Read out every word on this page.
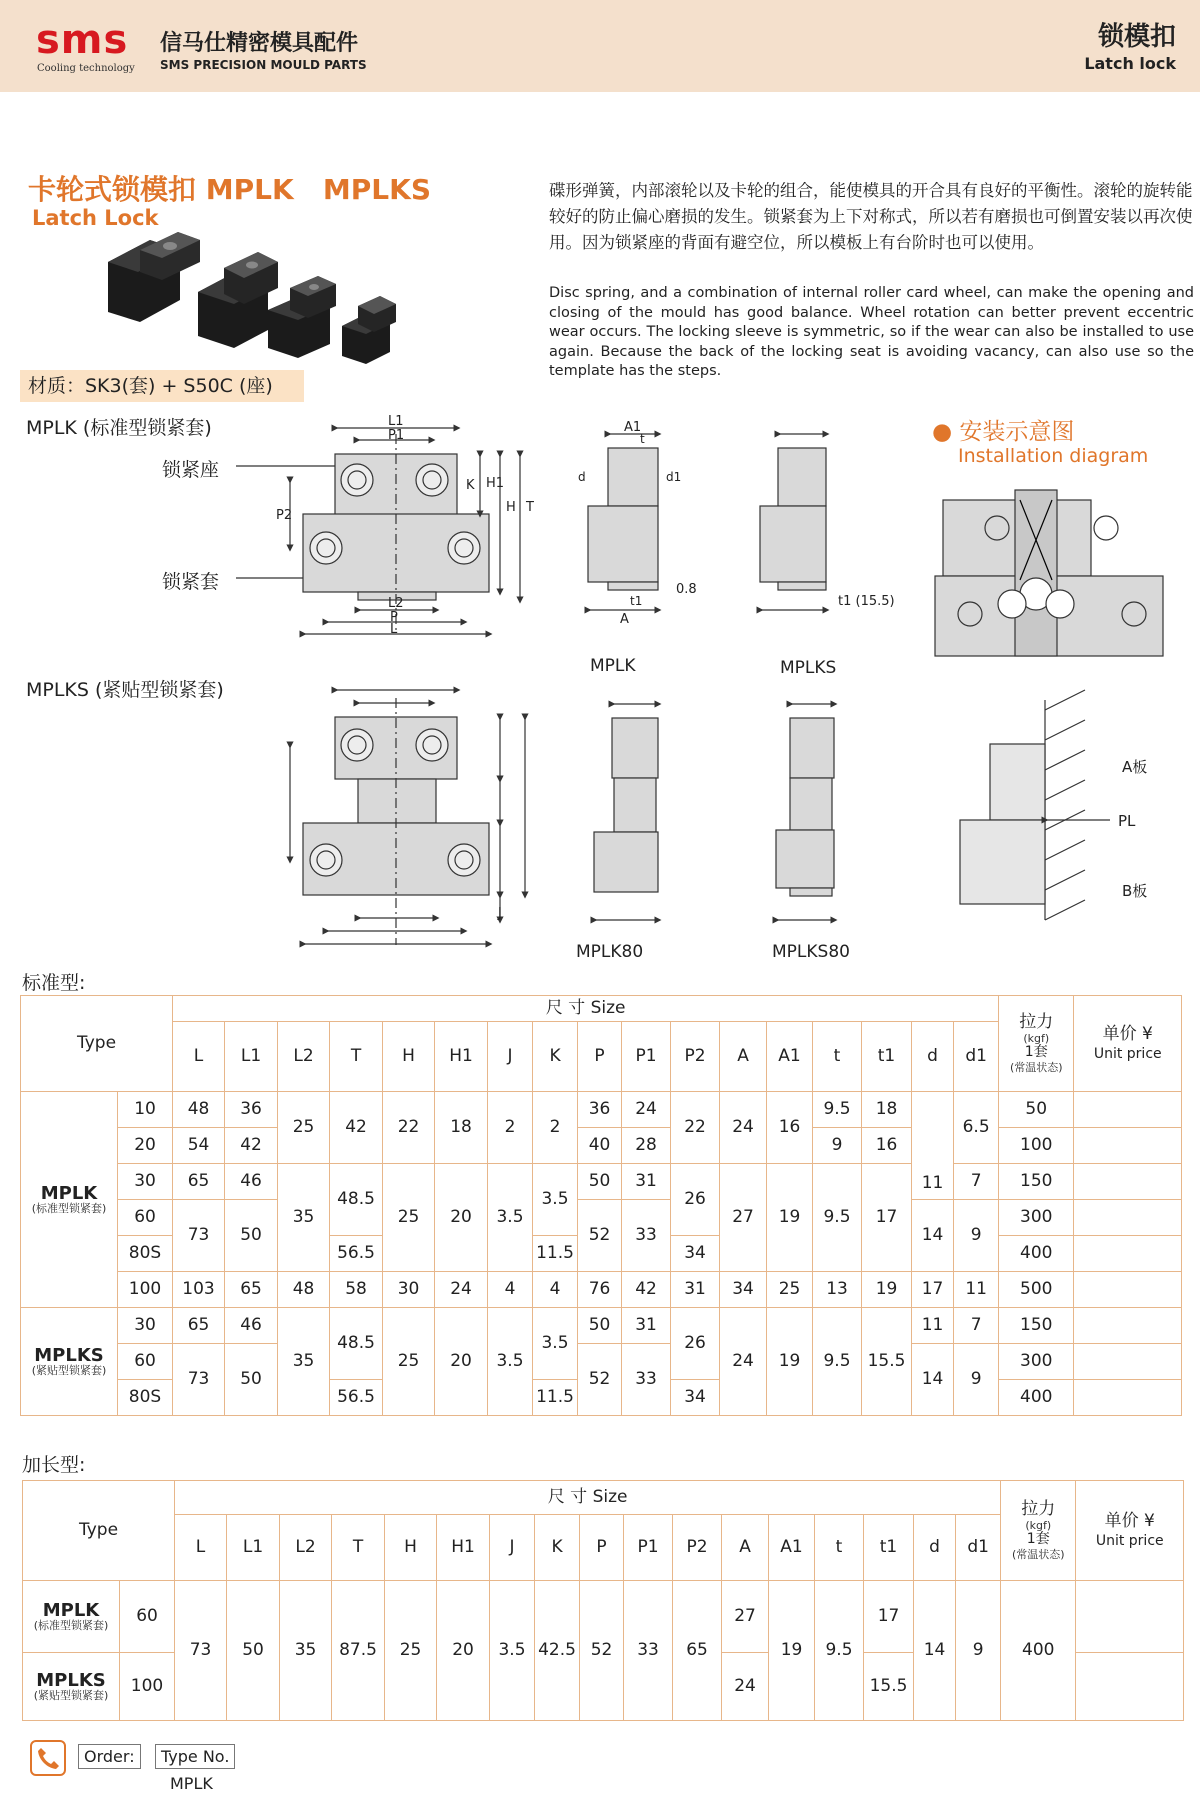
sms
Cooling technology
信马仕精密模具配件
SMS PRECISION MOULD PARTS
锁模扣
Latch lock
卡轮式锁模扣 MPLK   MPLKS
Latch Lock
材质：SK3(套) + S50C (座)
碟形弹簧，内部滚轮以及卡轮的组合，能使模具的开合具有良好的平衡性。滚轮的旋转能较好的防止偏心磨损的发生。锁紧套为上下对称式，所以若有磨损也可倒置安装以再次使用。因为锁紧座的背面有避空位，所以模板上有台阶时也可以使用。
Disc spring, and a combination of internal roller card wheel, can make the opening and closing of the mould has good balance. Wheel rotation can better prevent eccentric wear occurs. The locking sleeve is symmetric, so if the wear can also be installed to use again. Because the back of the locking seat is avoiding vacancy, can also use so the template has the steps.
MPLK (标准型锁紧套)
锁紧座
锁紧套
MPLKS (紧贴型锁紧套)
L1
P1
L2
P
L
P2
K H1
H T
J
A1
A
t
t1
d	d1
0.8
t1 (15.5)
MPLK	MPLKS
MPLK80	MPLKS80
● 安装示意图
Installation diagram
A板
PL
B板
标准型:
Type		尺 寸 Size																	拉力
(kgf)
1套
(常温状态)	单价 ¥
Unit price
		L	L1	L2	T	H	H1	J	K	P	P1	P2	A	A1	t	t1	d	d1		

MPLK
(标准型锁紧套)	10	48	36	25	42	22	18	2	2	36	24	22	24	16	9.5	18	11	6.5	50	
	20	54	42							40	28				9	16			100	
	30	65	46	35	48.5	25	20	3.5	3.5	50	31	26	27	19	9.5	17		7	150	
	60	73	50							52	33						14	9	300	
	80S				56.5				11.5			34							400	
	100	103	65	48	58	30	24	4	4	76	42	31	34	25	13	19	17	11	500	

MPLKS
(紧贴型锁紧套)	30	65	46	35	48.5	25	20	3.5	3.5	50	31	26	24	19	9.5	15.5	11	7	150	
	60	73	50							52	33						14	9	300	
	80S				56.5				11.5			34							400	
加长型:
Type		尺 寸 Size																	拉力
(kgf)
1套
(常温状态)	单价 ¥
Unit price
		L	L1	L2	T	H	H1	J	K	P	P1	P2	A	A1	t	t1	d	d1		

MPLK
(标准型锁紧套)	60	73	50	35	87.5	25	20	3.5	42.5	52	33	65	27	19	9.5	17	14	9	400	

MPLKS
(紧贴型锁紧套)	100												24			15.5				
Order:	Type No.
MPLK
